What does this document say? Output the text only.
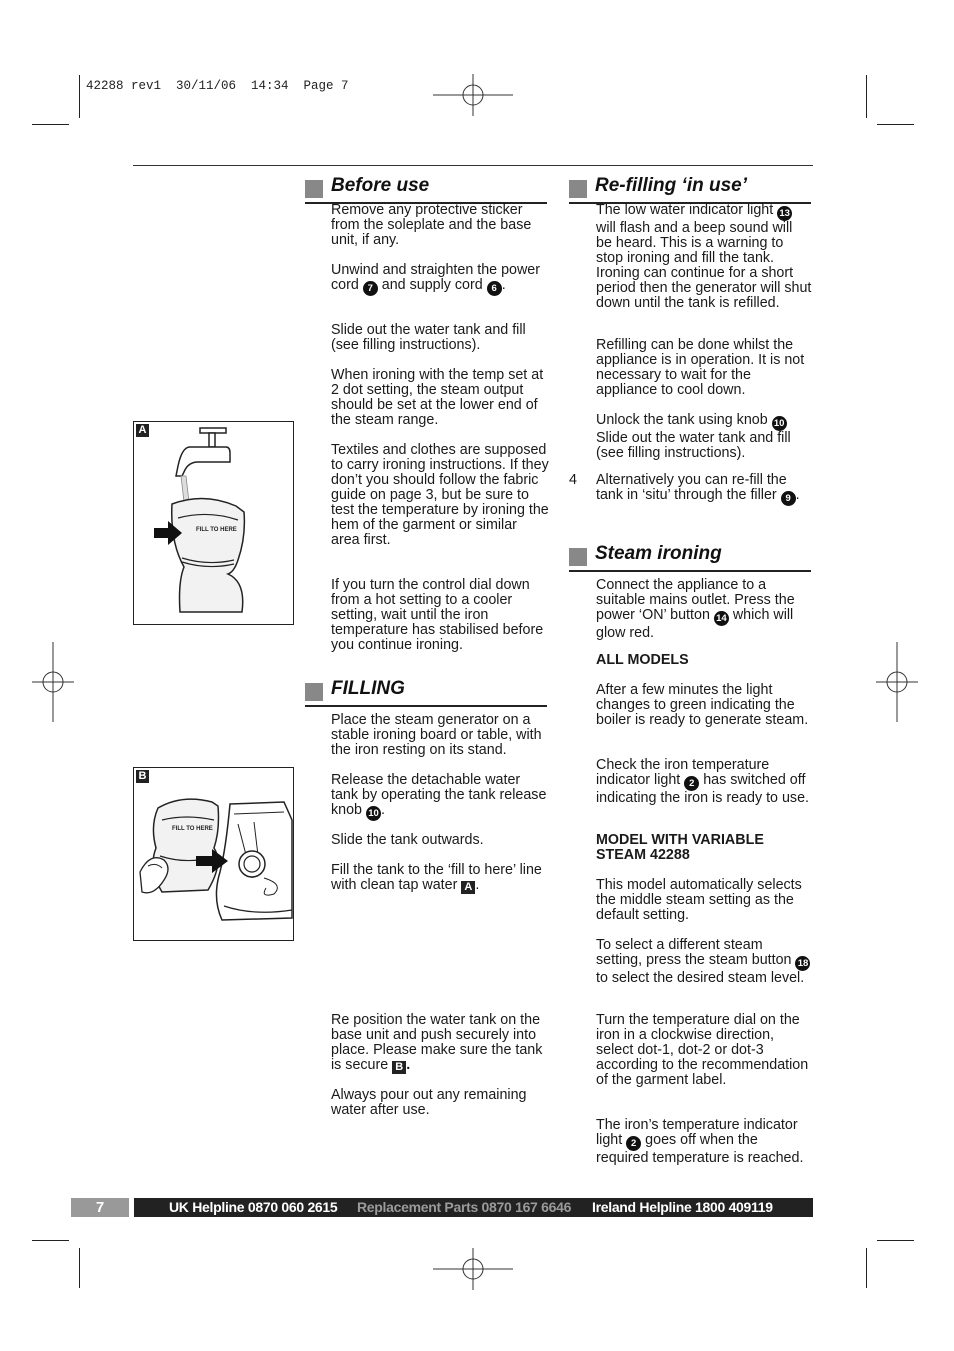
42288 rev1  30/11/06  14:34  Page 7
Before use

Remove any protective sticker from the soleplate and the base unit, if any.

Unwind and straighten the power cord 7 and supply cord 6 .

Slide out the water tank and fill (see filling instructions).

When ironing with the temp set at 2 dot setting, the steam output should be set at the lower end of the steam range.

Textiles and clothes are supposed to carry ironing instructions. If they don’t you should follow the fabric guide on page 3, but be sure to test the temperature by ironing the hem of the garment or similar area first.

If you turn the control dial down from a hot setting to a cooler setting, wait until the iron temperature has stabilised before you continue ironing.

FILLING

Place the steam generator on a stable ironing board or table, with the iron resting on its stand.

Release the detachable water tank by operating the tank release knob 10 .

Slide the tank outwards.

Fill the tank to the ‘fill to here’ line with clean tap water A .

Re position the water tank on the base unit and push securely into place. Please make sure the tank is secure B .

Always pour out any remaining water after use.

Re-filling ‘in use’

The low water indicator light 13 will flash and a beep sound will be heard. This is a warning to stop ironing and fill the tank. Ironing can continue for a short period then the generator will shut down until the tank is refilled.

Refilling can be done whilst the appliance is in operation. It is not necessary to wait for the appliance to cool down.

Unlock the tank using knob 10 Slide out the water tank and fill (see filling instructions).

4 Alternatively you can re-fill the tank in ‘situ’ through the filler 9 .

Steam ironing

Connect the appliance to a suitable mains outlet. Press the power ‘ON’ button 14 which will glow red.

ALL MODELS

After a few minutes the light changes to green indicating the boiler is ready to generate steam.

Check the iron temperature indicator light 2 has switched off indicating the iron is ready to use.

MODEL WITH VARIABLE STEAM 42288

This model automatically selects the middle steam setting as the default setting.

To select a different steam setting, press the steam button 18 to select the desired steam level.

Turn the temperature dial on the iron in a clockwise direction, select dot-1, dot-2 or dot-3 according to the recommendation of the garment label.

The iron’s temperature indicator light 2 goes off when the required temperature is reached.

A
FILL TO HERE
B
FILL TO HERE
7	UK Helpline 0870 060 2615 Replacement Parts 0870 167 6646 Ireland Helpline 1800 409119
